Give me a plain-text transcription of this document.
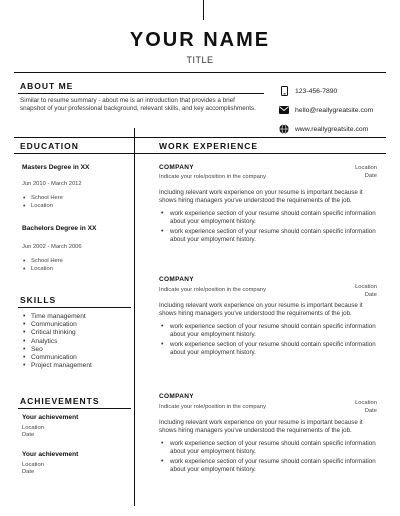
YOUR NAME
TITLE
ABOUT ME
Similar to resume summary - about me is an introduction that provides a brief snapshot of your professional background, relevant skills, and key accomplishments.
123-456-7890
hello@reallygreatsite.com
www.reallygreatsite.com
EDUCATION	WORK EXPERIENCE
Masters Degree in XX
Jun 2010 - March 2012
• School Here
• Location
Bachelors Degree in XX
Jun 2002 - March 2006
• School Here
• Location
SKILLS
• Time management
• Communication
• Critical thinking
• Analytics
• Seo
• Communication
• Project management
ACHIEVEMENTS
Your achievement
Location
Date
Your achievement
Location
Date
COMPANY
Indicate your role/position in the company
Location
Date
Including relevant work experience on your resume is important because it shows hiring managers you've understood the requirements of the job.
• work experience section of your resume should contain specific information about your employment history.
• work experience section of your resume should contain specific information about your employment history.
COMPANY
Indicate your role/position in the company	Location
Date
Including relevant work experience on your resume is important because it shows hiring managers you've understood the requirements of the job.
• work experience section of your resume should contain specific information about your employment history.
• work experience section of your resume should contain specific information about your employment history.
COMPANY
Indicate your role/position in the company
Location
Date
Including relevant work experience on your resume is important because it shows hiring managers you've understood the requirements of the job.
• work experience section of your resume should contain specific information about your employment history.
• work experience section of your resume should contain specific information about your employment history.
